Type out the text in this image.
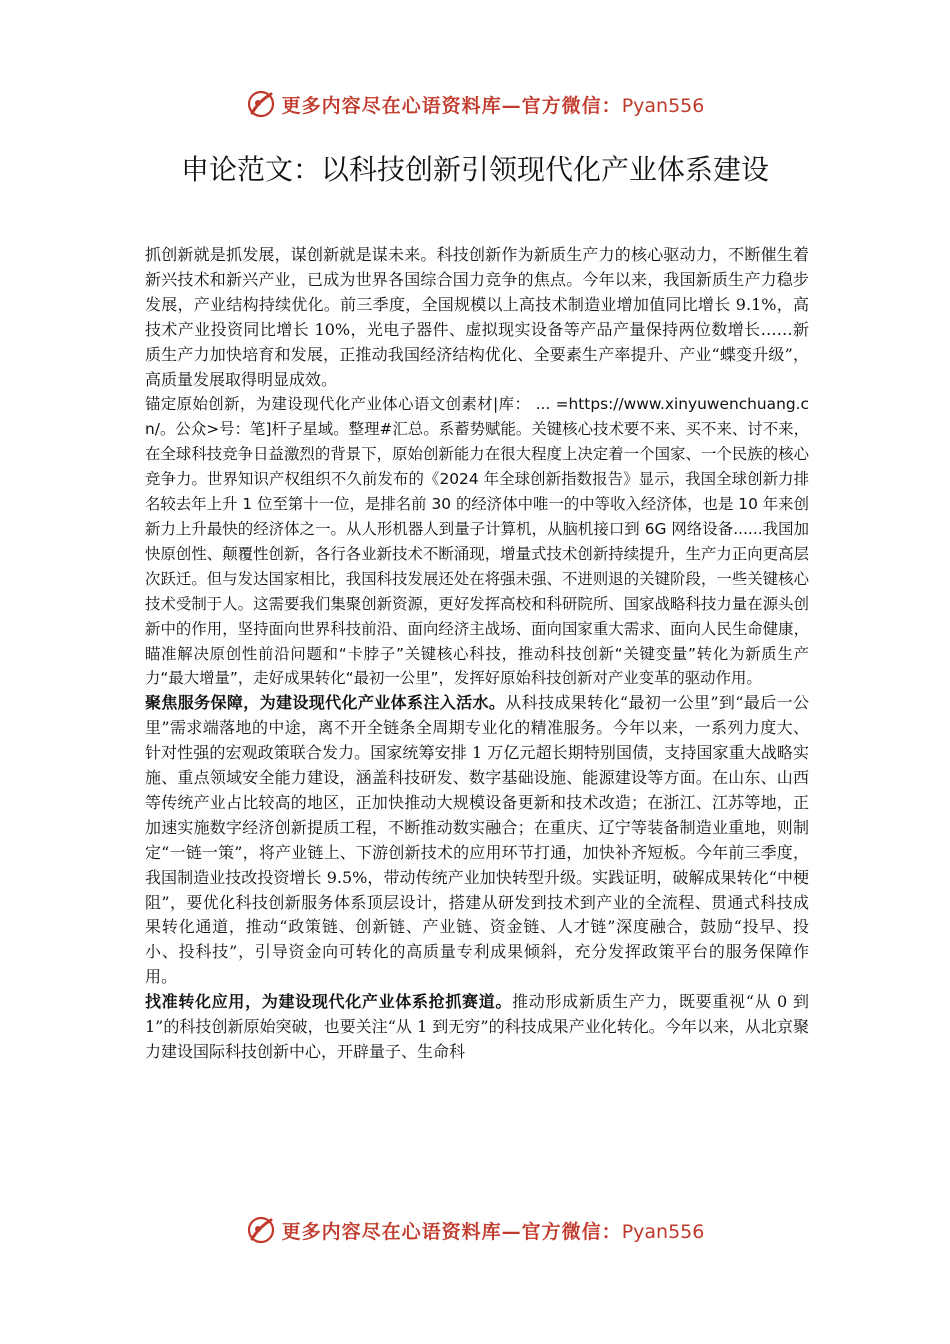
更多内容尽在心语资料库—官方微信：Pyan556
申论范文：以科技创新引领现代化产业体系建设

抓创新就是抓发展，谋创新就是谋未来。科技创新作为新质生产力的核心驱动力，不断催生着新兴技术和新兴产业，已成为世界各国综合国力竞争的焦点。今年以来，我国新质生产力稳步发展，产业结构持续优化。前三季度，全国规模以上高技术制造业增加值同比增长 9.1%，高技术产业投资同比增长 10%，光电子器件、虚拟现实设备等产品产量保持两位数增长……新质生产力加快培育和发展，正推动我国经济结构优化、全要素生产率提升、产业“蝶变升级”，高质量发展取得明显成效。

锚定原始创新，为建设现代化产业体心语文创素材|库： ... =https://www.xinyuwenchuang.cn/。公众>号：笔]杆子星域。整理#汇总。系蓄势赋能。关键核心技术要不来、买不来、讨不来，在全球科技竞争日益激烈的背景下，原始创新能力在很大程度上决定着一个国家、一个民族的核心竞争力。世界知识产权组织不久前发布的《2024 年全球创新指数报告》显示，我国全球创新力排名较去年上升 1 位至第十一位，是排名前 30 的经济体中唯一的中等收入经济体，也是 10 年来创新力上升最快的经济体之一。从人形机器人到量子计算机，从脑机接口到 6G 网络设备......我国加快原创性、颠覆性创新，各行各业新技术不断涌现，增量式技术创新持续提升，生产力正向更高层次跃迁。但与发达国家相比，我国科技发展还处在将强未强、不进则退的关键阶段，一些关键核心技术受制于人。这需要我们集聚创新资源，更好发挥高校和科研院所、国家战略科技力量在源头创新中的作用，坚持面向世界科技前沿、面向经济主战场、面向国家重大需求、面向人民生命健康，瞄准解决原创性前沿问题和“卡脖子”关键核心科技，推动科技创新“关键变量”转化为新质生产力“最大增量”，走好成果转化“最初一公里”，发挥好原始科技创新对产业变革的驱动作用。

聚焦服务保障，为建设现代化产业体系注入活水。从科技成果转化“最初一公里”到“最后一公里”需求端落地的中途，离不开全链条全周期专业化的精准服务。今年以来，一系列力度大、针对性强的宏观政策联合发力。国家统筹安排 1 万亿元超长期特别国债，支持国家重大战略实施、重点领域安全能力建设，涵盖科技研发、数字基础设施、能源建设等方面。在山东、山西等传统产业占比较高的地区，正加快推动大规模设备更新和技术改造；在浙江、江苏等地，正加速实施数字经济创新提质工程，不断推动数实融合；在重庆、辽宁等装备制造业重地，则制定“一链一策”，将产业链上、下游创新技术的应用环节打通，加快补齐短板。今年前三季度，我国制造业技改投资增长 9.5%，带动传统产业加快转型升级。实践证明，破解成果转化“中梗阻”，要优化科技创新服务体系顶层设计，搭建从研发到技术到产业的全流程、贯通式科技成果转化通道，推动“政策链、创新链、产业链、资金链、人才链”深度融合，鼓励“投早、投小、投科技”，引导资金向可转化的高质量专利成果倾斜，充分发挥政策平台的服务保障作用。

找准转化应用，为建设现代化产业体系抢抓赛道。推动形成新质生产力，既要重视“从 0 到 1”的科技创新原始突破，也要关注“从 1 到无穷”的科技成果产业化转化。今年以来，从北京聚力建设国际科技创新中心，开辟量子、生命科

更多内容尽在心语资料库—官方微信：Pyan556
